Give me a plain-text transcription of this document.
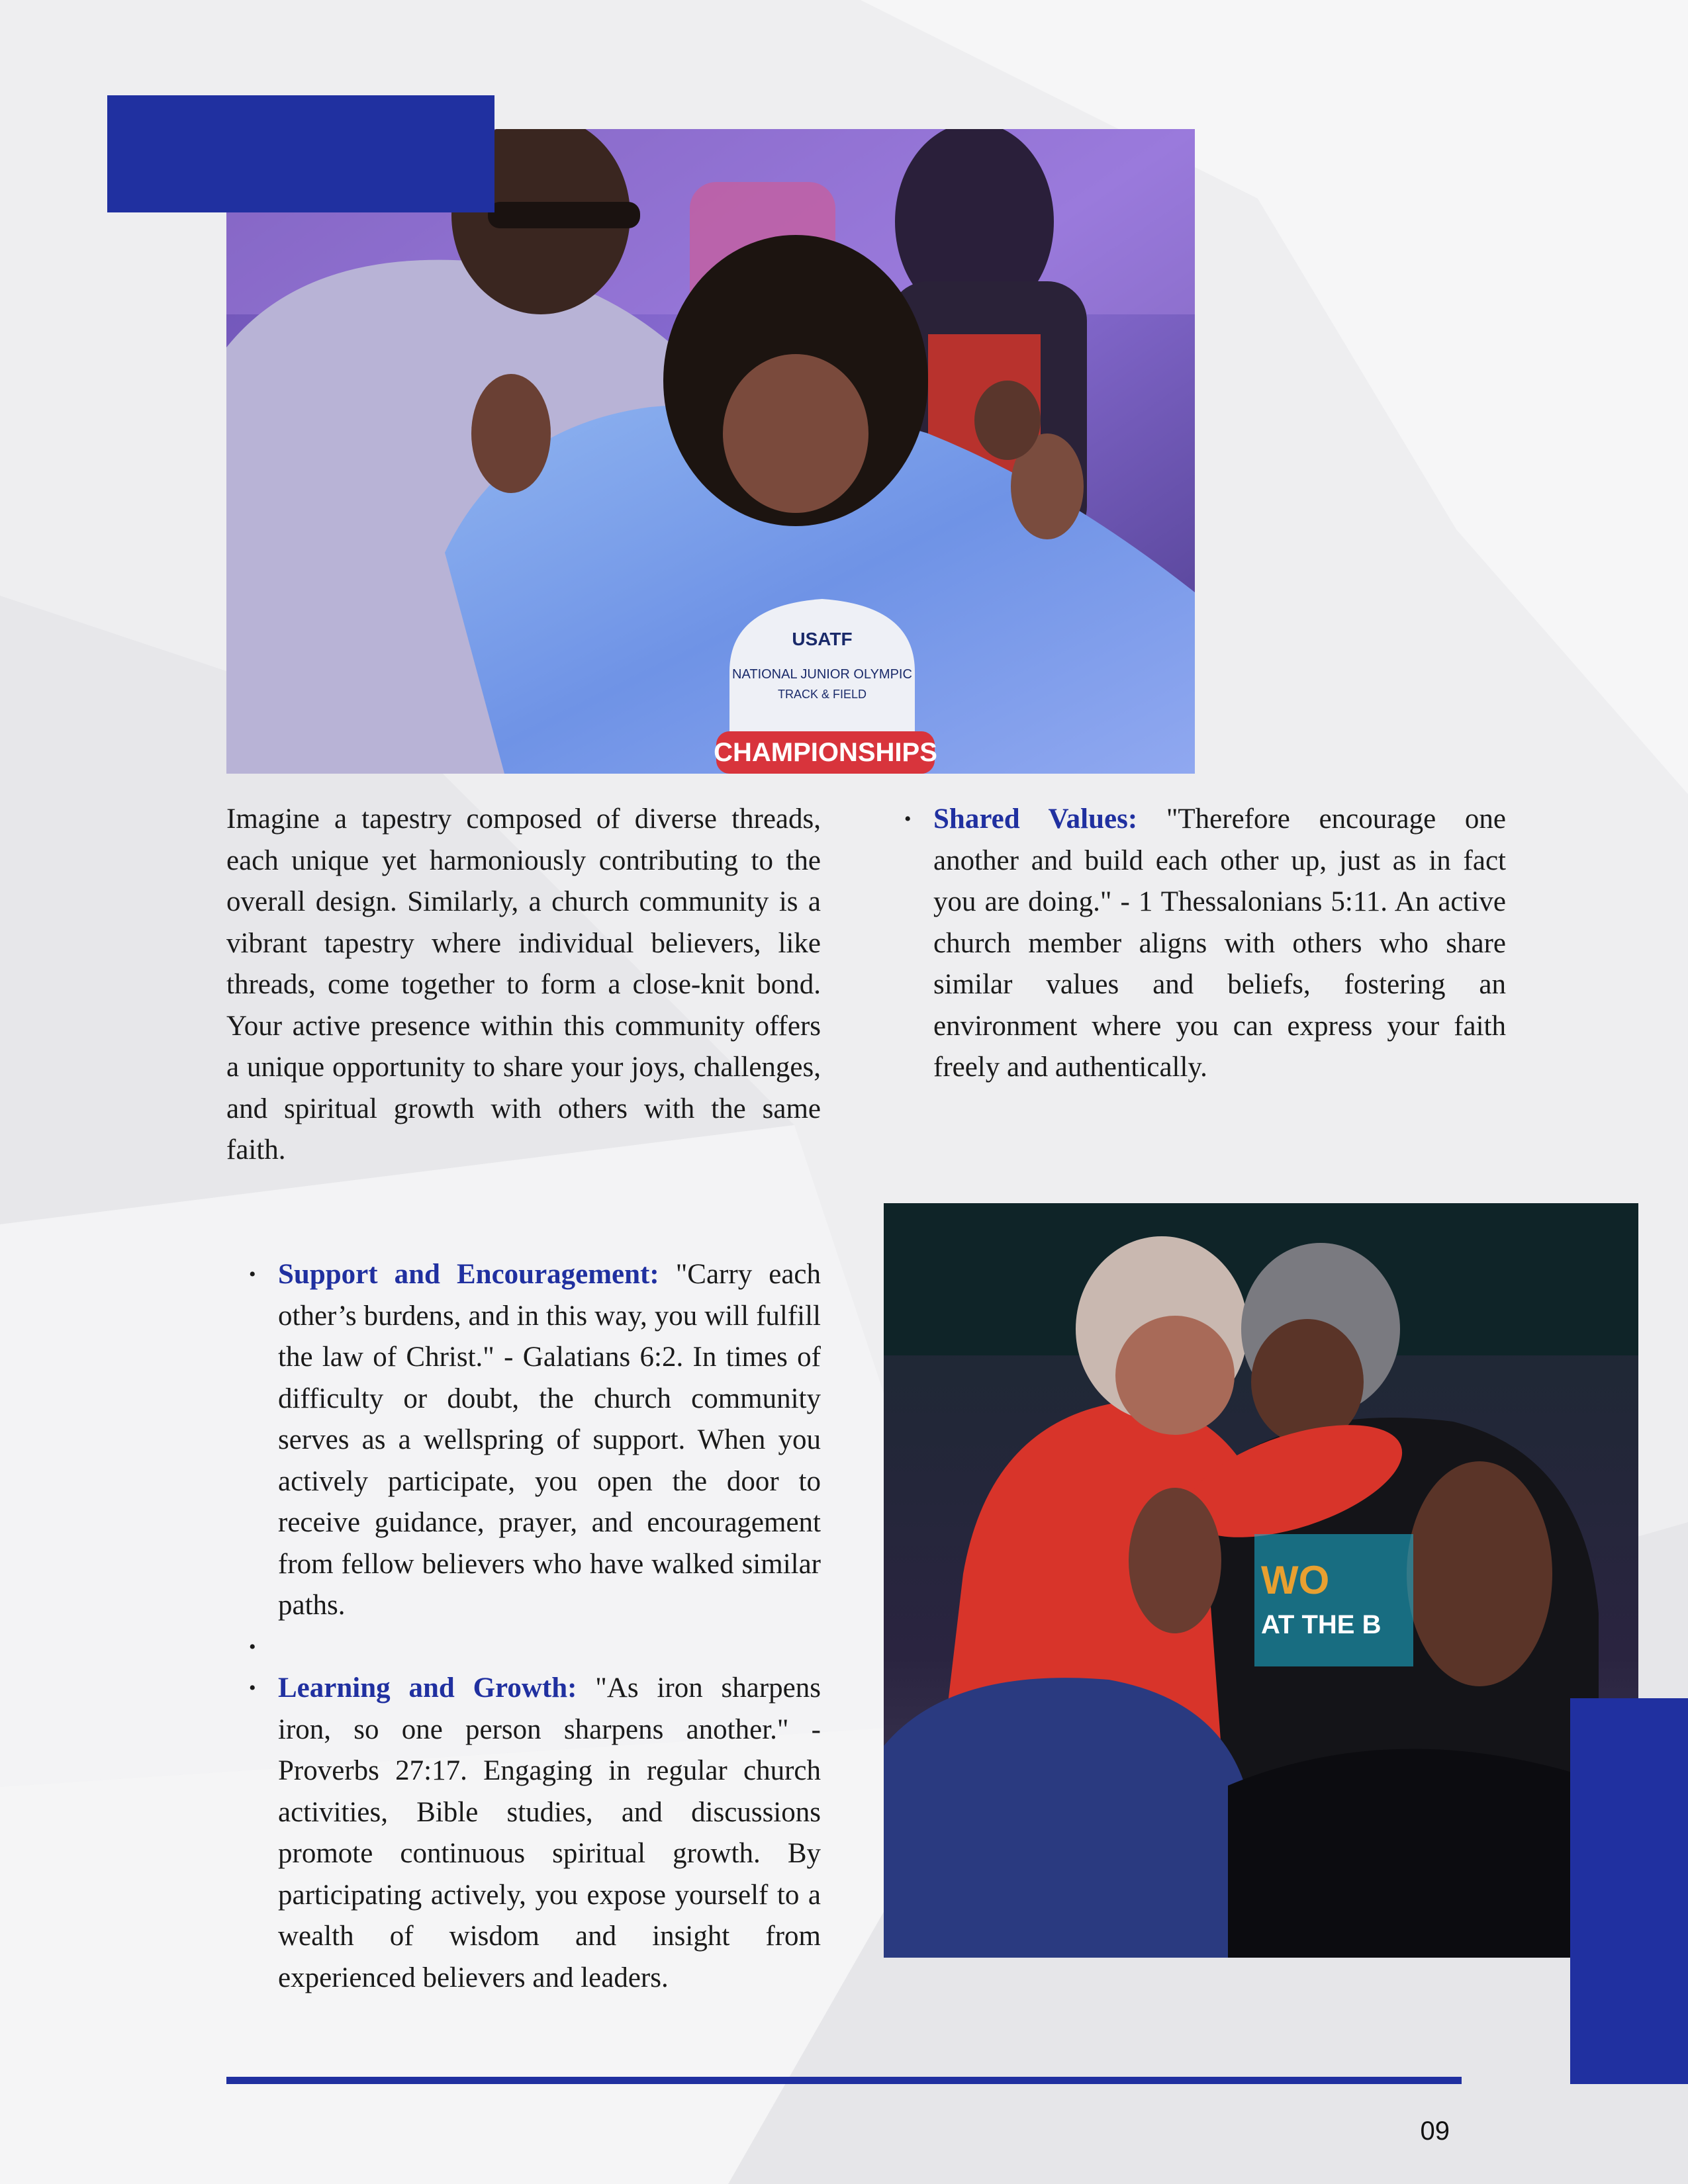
USATF
NATIONAL JUNIOR OLYMPIC
TRACK & FIELD
CHAMPIONSHIPS

Imagine a tapestry composed of diverse threads, each unique yet harmoniously contributing to the overall design. Similarly, a church community is a vibrant tapestry where individual believers, like threads, come together to form a close-knit bond. Your active presence within this community offers a unique opportunity to share your joys, challenges, and spiritual growth with others with the same faith.

• Support and Encouragement: "Carry each other’s burdens, and in this way, you will fulfill the law of Christ." - Galatians 6:2. In times of difficulty or doubt, the church community serves as a wellspring of support. When you actively participate, you open the door to receive guidance, prayer, and encouragement from fellow believers who have walked similar paths.
•
• Learning and Growth: "As iron sharpens iron, so one person sharpens another." - Proverbs 27:17. Engaging in regular church activities, Bible studies, and discussions promote continuous spiritual growth. By participating actively, you expose yourself to a wealth of wisdom and insight from experienced believers and leaders.
• Shared Values: "Therefore encourage one another and build each other up, just as in fact you are doing." - 1 Thessalonians 5:11. An active church member aligns with others who share similar values and beliefs, fostering an environment where you can express your faith freely and authentically.
WO
AT THE B
09
